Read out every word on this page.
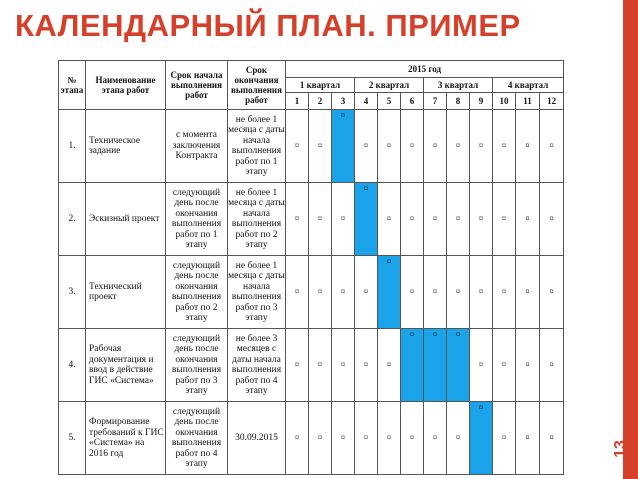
КАЛЕНДАРНЫЙ ПЛАН. ПРИМЕР
13
№ этапа	Наименование этапа работ	Срок начала выполнения работ	Срок окончания выполнения работ	2015 год											
				1 квартал			2 квартал			3 квартал			4 квартал		
				1	2	3	4	5	6	7	8	9	10	11	12
1.	Техническое задание	с момента заключения Контракта	не более 1 месяца с даты начала выполнения работ по 1 этапу	¤	¤	¤	¤	¤	¤	¤	¤	¤	¤	¤	¤
2.	Эскизный проект	следующий день после окончания выполнения работ по 1 этапу	не более 1 месяца с даты начала выполнения работ по 2 этапу	¤	¤	¤	¤	¤	¤	¤	¤	¤	¤	¤	¤
3.	Технический проект	следующий день после окончания выполнения работ по 2 этапу	не более 1 месяца с даты начала выполнения работ по 3 этапу	¤	¤	¤	¤	¤	¤	¤	¤	¤	¤	¤	¤
4.	Рабочая документация и ввод в действие ГИС «Система»	следующий день после окончания выполнения работ по 3 этапу	не более 3 месяцев с даты начала выполнения работ по 4 этапу	¤	¤	¤	¤	¤	¤	¤	¤	¤	¤	¤	¤
5.	Формирование требований к ГИС «Система» на 2016 год	следующий день после окончания выполнения работ по 4 этапу	30.09.2015	¤	¤	¤	¤	¤	¤	¤	¤	¤	¤	¤	¤
